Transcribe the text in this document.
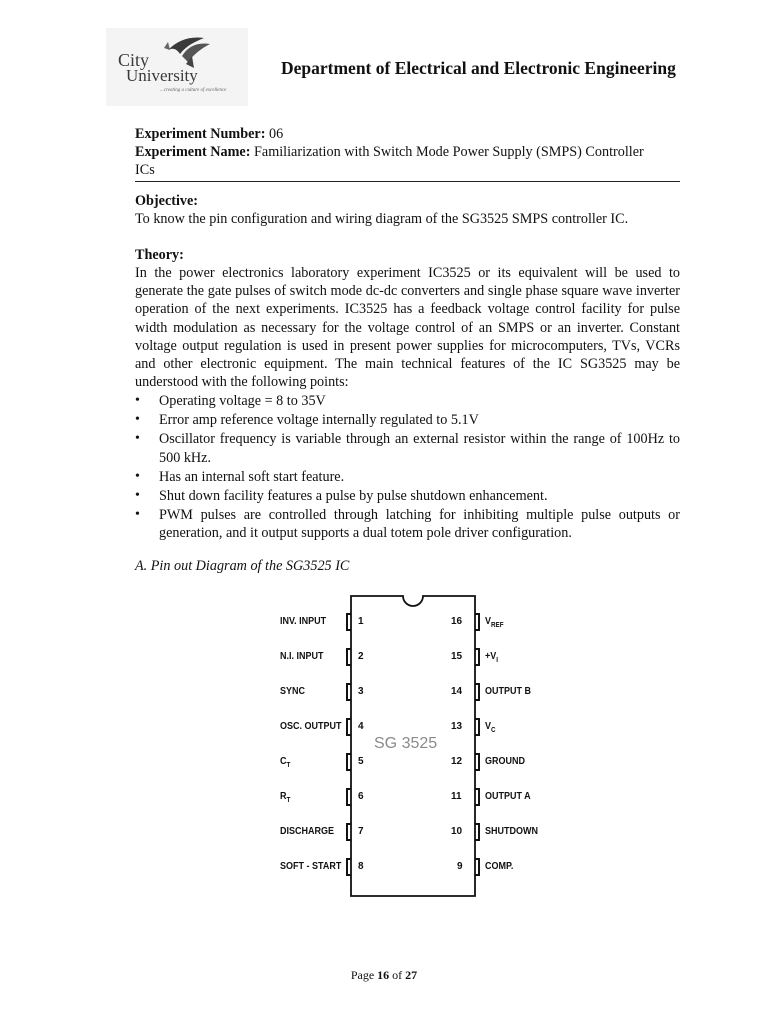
City
University
...creating a culture of excellence
Department of Electrical and Electronic Engineering
Experiment Number: 06
Experiment Name: Familiarization with Switch Mode Power Supply (SMPS) Controller
ICs
Objective:
To know the pin configuration and wiring diagram of the SG3525 SMPS controller IC.
Theory:
In the power electronics laboratory experiment IC3525 or its equivalent will be used to generate the gate pulses of switch mode dc-dc converters and single phase square wave inverter operation of the next experiments. IC3525 has a feedback voltage control facility for pulse width modulation as necessary for the voltage control of an SMPS or an inverter. Constant voltage output regulation is used in present power supplies for microcomputers, TVs, VCRs and other electronic equipment. The main technical features of the IC SG3525 may be understood with the following points:
• Operating voltage = 8 to 35V
• Error amp reference voltage internally regulated to 5.1V
• Oscillator frequency is variable through an external resistor within the range of 100Hz to 500 kHz.
• Has an internal soft start feature.
• Shut down facility features a pulse by pulse shutdown enhancement.
• PWM pulses are controlled through latching for inhibiting multiple pulse outputs or generation, and it output supports a dual totem pole driver configuration.
A. Pin out Diagram of the SG3525 IC
SG 3525
INV. INPUT	1
N.I. INPUT	2
SYNC	3
OSC. OUTPUT 4
$C_T$	5
$R_T$	6
DISCHARGE 7
SOFT - START 8
$V_{REF}$
16
$+V_I$
15
OUTPUT B
14
$V_C$
13
GROUND
12
OUTPUT A
11
SHUTDOWN
10
COMP.
9
Page 16 of 27
